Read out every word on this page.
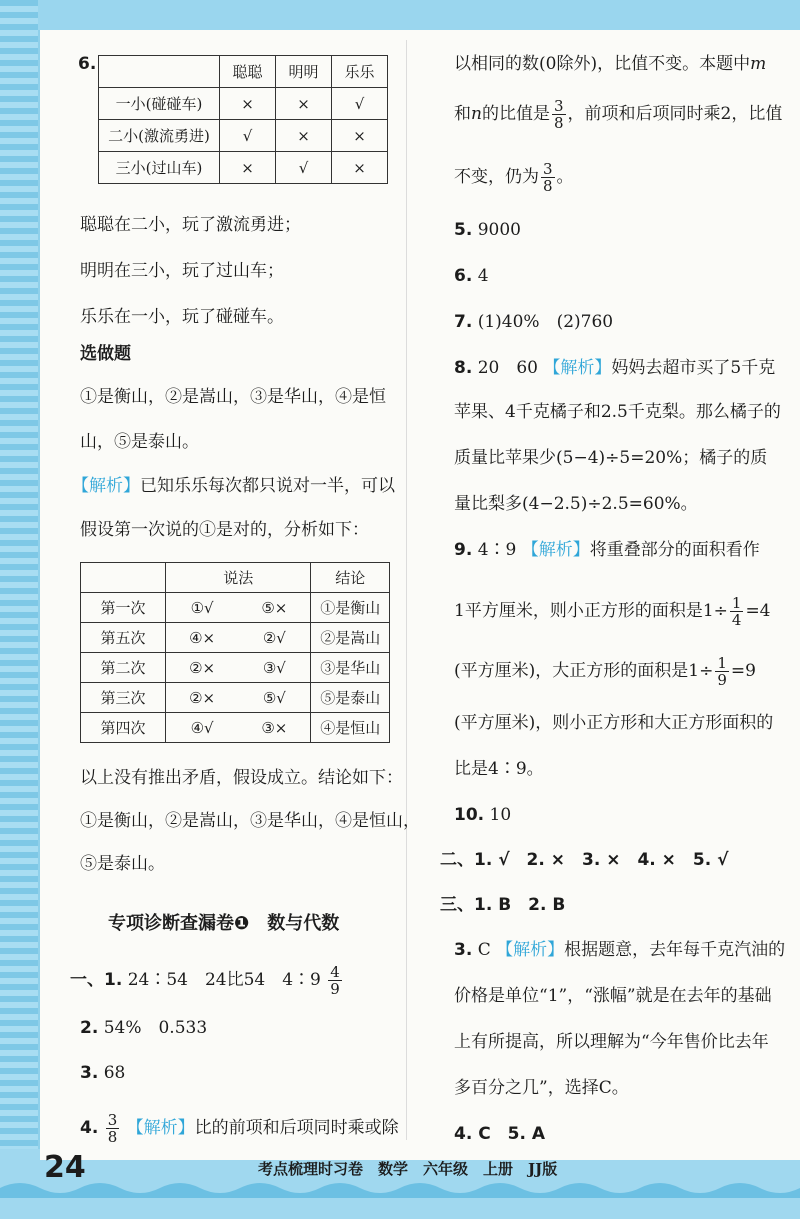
6.
		聪聪	明明	乐乐
一小(碰碰车)	×	×	√
二小(激流勇进)	√	×	×
三小(过山车)	×	√	×
聪聪在二小，玩了激流勇进；
明明在三小，玩了过山车；
乐乐在一小，玩了碰碰车。
选做题
①是衡山，②是嵩山，③是华山，④是恒
山，⑤是泰山。
【解析】已知乐乐每次都只说对一半，可以
假设第一次说的①是对的，分析如下：
	说法		结论
第一次	①√	⑤×	①是衡山
第五次	④×	②√	②是嵩山
第二次	②×	③√	③是华山
第三次	②×	⑤√	⑤是泰山
第四次	④√	③×	④是恒山
以上没有推出矛盾，假设成立。结论如下：
①是衡山，②是嵩山，③是华山，④是恒山，
⑤是泰山。
专项诊断查漏卷❶　数与代数
一、1. 24∶54　24比54　4∶9 $\frac{4}{9}$
2. 54%　0.533
3. 68
4. $\frac{3}{8}$ 【解析】比的前项和后项同时乘或除
以相同的数(0除外)，比值不变。本题中m
和n的比值是 $\frac{3}{8}$ ，前项和后项同时乘2，比值
不变，仍为 $\frac{3}{8}$ 。
5. 9000
6. 4
7. (1)40%　(2)760
8. 20　60 【解析】妈妈去超市买了5千克
苹果、4千克橘子和2.5千克梨。那么橘子的
质量比苹果少(5−4)÷5=20%；橘子的质
量比梨多(4−2.5)÷2.5=60%。
9. 4∶9 【解析】将重叠部分的面积看作
1平方厘米，则小正方形的面积是$1\div \frac{1}{4} =4$
(平方厘米)，大正方形的面积是$1\div \frac{1}{9} =9$
(平方厘米)，则小正方形和大正方形面积的
比是4∶9。
10. 10
二、1. √　2. ×　3. ×　4. ×　5. √
三、1. B　2. B
3. C 【解析】根据题意，去年每千克汽油的
价格是单位“1”，“涨幅”就是在去年的基础
上有所提高，所以理解为“今年售价比去年
多百分之几”，选择C。
4. C　5. A
24	考点梳理时习卷　数学　六年级　上册　JJ版
